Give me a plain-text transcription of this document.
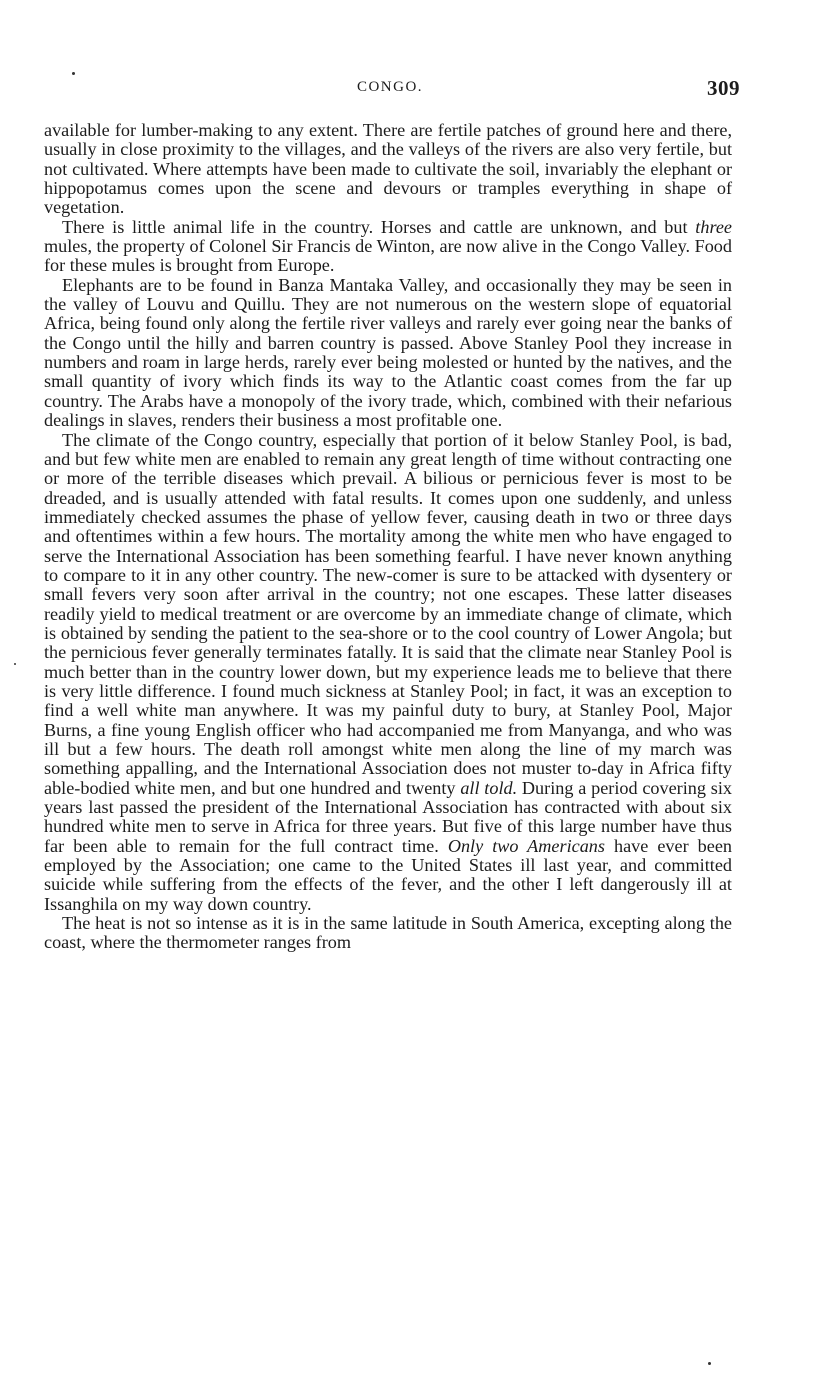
CONGO.	309

available for lumber-making to any extent. There are fertile patches of ground here and there, usually in close proximity to the villages, and the valleys of the rivers are also very fertile, but not cultivated. Where attempts have been made to cultivate the soil, invariably the elephant or hippopotamus comes upon the scene and devours or tramples everything in shape of vegetation.

There is little animal life in the country. Horses and cattle are unknown, and but three mules, the property of Colonel Sir Francis de Winton, are now alive in the Congo Valley. Food for these mules is brought from Europe.

Elephants are to be found in Banza Mantaka Valley, and occasionally they may be seen in the valley of Louvu and Quillu. They are not numerous on the western slope of equatorial Africa, being found only along the fertile river valleys and rarely ever going near the banks of the Congo until the hilly and barren country is passed. Above Stanley Pool they increase in numbers and roam in large herds, rarely ever being molested or hunted by the natives, and the small quantity of ivory which finds its way to the Atlantic coast comes from the far up country. The Arabs have a monopoly of the ivory trade, which, combined with their nefarious dealings in slaves, renders their business a most profitable one.

The climate of the Congo country, especially that portion of it below Stanley Pool, is bad, and but few white men are enabled to remain any great length of time without contracting one or more of the terrible diseases which prevail. A bilious or pernicious fever is most to be dreaded, and is usually attended with fatal results. It comes upon one suddenly, and unless immediately checked assumes the phase of yellow fever, causing death in two or three days and oftentimes within a few hours. The mortality among the white men who have engaged to serve the International Association has been something fearful. I have never known anything to compare to it in any other country. The new-comer is sure to be attacked with dysentery or small fevers very soon after arrival in the country; not one escapes. These latter diseases readily yield to medical treatment or are overcome by an immediate change of climate, which is obtained by sending the patient to the sea-shore or to the cool country of Lower Angola; but the pernicious fever generally terminates fatally. It is said that the climate near Stanley Pool is much better than in the country lower down, but my experience leads me to believe that there is very little difference. I found much sickness at Stanley Pool; in fact, it was an exception to find a well white man anywhere. It was my painful duty to bury, at Stanley Pool, Major Burns, a fine young English officer who had accompanied me from Manyanga, and who was ill but a few hours. The death roll amongst white men along the line of my march was something appalling, and the International Association does not muster to-day in Africa fifty able-bodied white men, and but one hundred and twenty all told. During a period covering six years last passed the president of the International Association has contracted with about six hundred white men to serve in Africa for three years. But five of this large number have thus far been able to remain for the full contract time. Only two Americans have ever been employed by the Association; one came to the United States ill last year, and committed suicide while suffering from the effects of the fever, and the other I left dangerously ill at Issanghila on my way down country.

The heat is not so intense as it is in the same latitude in South America, excepting along the coast, where the thermometer ranges from
